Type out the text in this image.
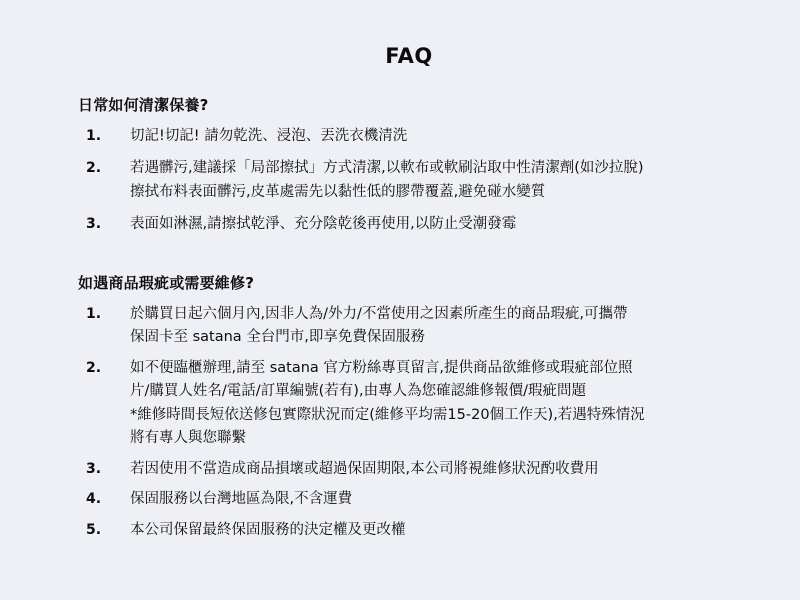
FAQ
日常如何清潔保養?
1.	切記!切記! 請勿乾洗、浸泡、丟洗衣機清洗
2.	若遇髒污,建議採「局部擦拭」方式清潔,以軟布或軟刷沾取中性清潔劑(如沙拉脫)
擦拭布料表面髒污,皮革處需先以黏性低的膠帶覆蓋,避免碰水變質
3.	表面如淋濕,請擦拭乾淨、充分陰乾後再使用,以防止受潮發霉
如遇商品瑕疵或需要維修?
1.	於購買日起六個月內,因非人為/外力/不當使用之因素所產生的商品瑕疵,可攜帶
保固卡至 satana 全台門市,即享免費保固服務
2.	如不便臨櫃辦理,請至 satana 官方粉絲專頁留言,提供商品欲維修或瑕疵部位照
片/購買人姓名/電話/訂單編號(若有),由專人為您確認維修報價/瑕疵問題
*維修時間長短依送修包實際狀況而定(維修平均需15-20個工作天),若遇特殊情況
將有專人與您聯繫
3.	若因使用不當造成商品損壞或超過保固期限,本公司將視維修狀況酌收費用
4.	保固服務以台灣地區為限,不含運費
5.	本公司保留最終保固服務的決定權及更改權
